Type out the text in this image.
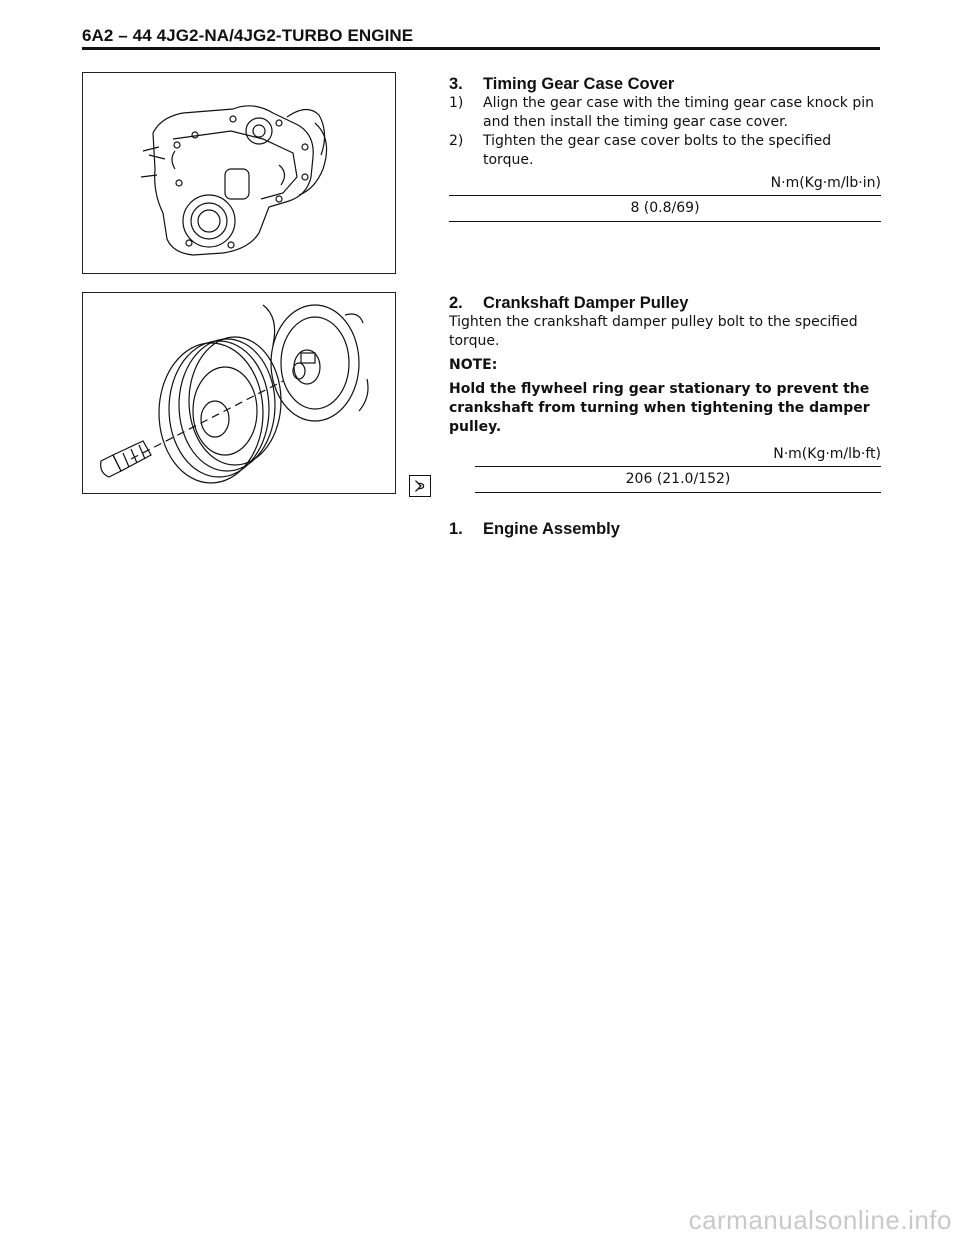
6A2 – 44 4JG2-NA/4JG2-TURBO ENGINE
3. Timing Gear Case Cover
1) Align the gear case with the timing gear case knock pin and then install the timing gear case cover.
2) Tighten the gear case cover bolts to the specified torque.
N·m(Kg·m/lb·in)
8 (0.8/69)
2. Crankshaft Damper Pulley
Tighten the crankshaft damper pulley bolt to the specified torque.
NOTE:
Hold the flywheel ring gear stationary to prevent the crankshaft from turning when tightening the damper pulley.
N·m(Kg·m/lb·ft)
206 (21.0/152)
1. Engine Assembly
carmanualsonline.info
